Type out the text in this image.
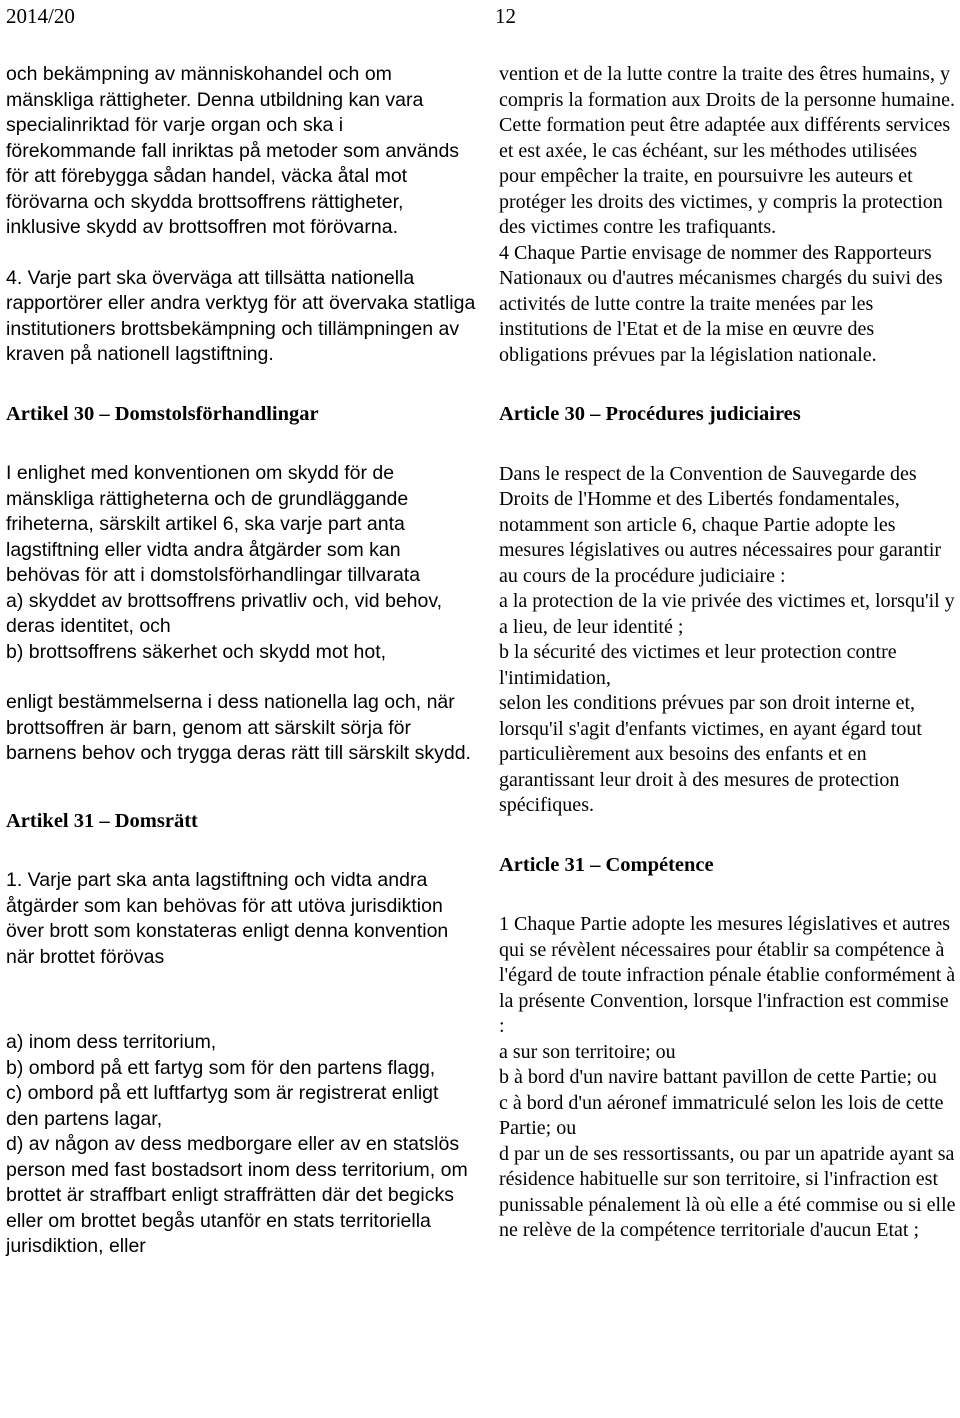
2014/20	12

och bekämpning av människohandel och om mänskliga rättigheter. Denna utbildning kan vara specialinriktad för varje organ och ska i förekommande fall inriktas på metoder som används för att förebygga sådan handel, väcka åtal mot förövarna och skydda brottsoffrens rättigheter, inklusive skydd av brottsoffren mot förövarna.

4. Varje part ska överväga att tillsätta nationella rapportörer eller andra verktyg för att övervaka statliga institutioners brottsbekämpning och tillämpningen av kraven på nationell lagstiftning.

Artikel 30 – Domstolsförhandlingar

I enlighet med konventionen om skydd för de mänskliga rättigheterna och de grundläggande friheterna, särskilt artikel 6, ska varje part anta lagstiftning eller vidta andra åtgärder som kan behövas för att i domstolsförhandlingar tillvarata

a) skyddet av brottsoffrens privatliv och, vid behov, deras identitet, och

b) brottsoffrens säkerhet och skydd mot hot,

enligt bestämmelserna i dess nationella lag och, när brottsoffren är barn, genom att särskilt sörja för barnens behov och trygga deras rätt till särskilt skydd.

Artikel 31 – Domsrätt

1. Varje part ska anta lagstiftning och vidta andra åtgärder som kan behövas för att utöva jurisdiktion över brott som konstateras enligt denna konvention när brottet förövas

a) inom dess territorium,

b) ombord på ett fartyg som för den partens flagg,

c) ombord på ett luftfartyg som är registrerat enligt den partens lagar,

d) av någon av dess medborgare eller av en statslös person med fast bostadsort inom dess territorium, om brottet är straffbart enligt straffrätten där det begicks eller om brottet begås utanför en stats territoriella jurisdiktion, eller

vention et de la lutte contre la traite des êtres humains, y compris la formation aux Droits de la personne humaine. Cette formation peut être adaptée aux différents services et est axée, le cas échéant, sur les méthodes utilisées pour empêcher la traite, en poursuivre les auteurs et protéger les droits des victimes, y compris la protection des victimes contre les trafiquants.

4 Chaque Partie envisage de nommer des Rapporteurs Nationaux ou d'autres mécanismes chargés du suivi des activités de lutte contre la traite menées par les institutions de l'Etat et de la mise en œuvre des obligations prévues par la législation nationale.

Article 30 – Procédures judiciaires

Dans le respect de la Convention de Sauvegarde des Droits de l'Homme et des Libertés fondamentales, notamment son article 6, chaque Partie adopte les mesures législatives ou autres nécessaires pour garantir au cours de la procédure judiciaire :

a la protection de la vie privée des victimes et, lorsqu'il y a lieu, de leur identité ;

b la sécurité des victimes et leur protection contre l'intimidation,

selon les conditions prévues par son droit interne et, lorsqu'il s'agit d'enfants victimes, en ayant égard tout particulièrement aux besoins des enfants et en garantissant leur droit à des mesures de protection spécifiques.

Article 31 – Compétence

1 Chaque Partie adopte les mesures législatives et autres qui se révèlent nécessaires pour établir sa compétence à l'égard de toute infraction pénale établie conformément à la présente Convention, lorsque l'infraction est commise :

a sur son territoire; ou

b à bord d'un navire battant pavillon de cette Partie; ou

c à bord d'un aéronef immatriculé selon les lois de cette Partie; ou

d par un de ses ressortissants, ou par un apatride ayant sa résidence habituelle sur son territoire, si l'infraction est punissable pénalement là où elle a été commise ou si elle ne relève de la compétence territoriale d'aucun Etat ;
